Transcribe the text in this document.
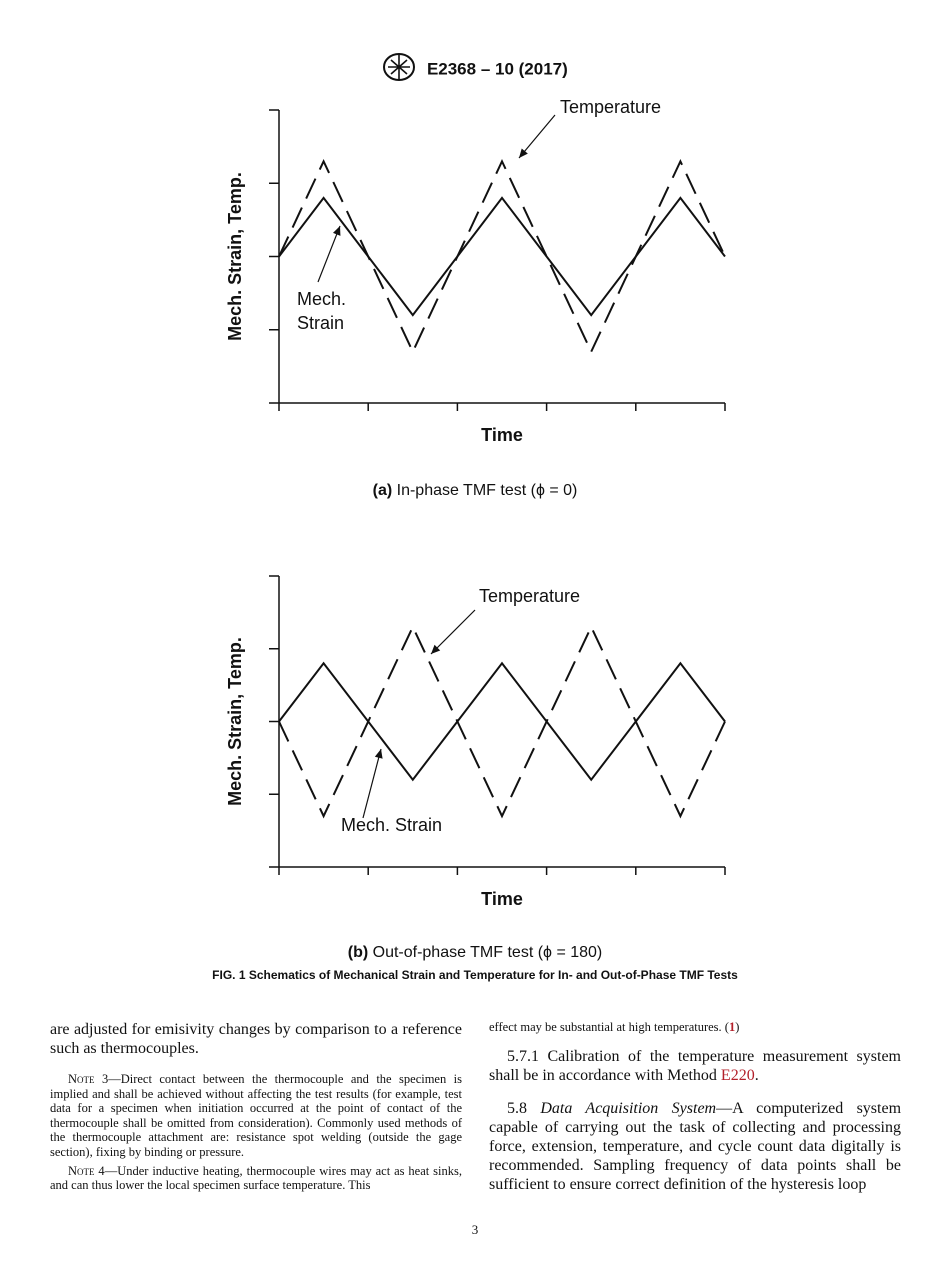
E2368 – 10 (2017)
Time
Mech. Strain, Temp.
Temperature
Mech.
Strain
(a) In-phase TMF test (ϕ = 0)
Time
Mech. Strain, Temp.
Temperature
Mech. Strain
(b) Out-of-phase TMF test (ϕ = 180)
FIG. 1 Schematics of Mechanical Strain and Temperature for In- and Out-of-Phase TMF Tests

are adjusted for emisivity changes by comparison to a reference such as thermocouples.

Note 3—Direct contact between the thermocouple and the specimen is implied and shall be achieved without affecting the test results (for example, test data for a specimen when initiation occurred at the point of contact of the thermocouple shall be omitted from consideration). Commonly used methods of the thermocouple attachment are: resistance spot welding (outside the gage section), fixing by binding or pressure.

Note 4—Under inductive heating, thermocouple wires may act as heat sinks, and can thus lower the local specimen surface temperature. This

effect may be substantial at high temperatures. (1)

5.7.1 Calibration of the temperature measurement system shall be in accordance with Method E220.

5.8 Data Acquisition System—A computerized system capable of carrying out the task of collecting and processing force, extension, temperature, and cycle count data digitally is recommended. Sampling frequency of data points shall be sufficient to ensure correct definition of the hysteresis loop

3
